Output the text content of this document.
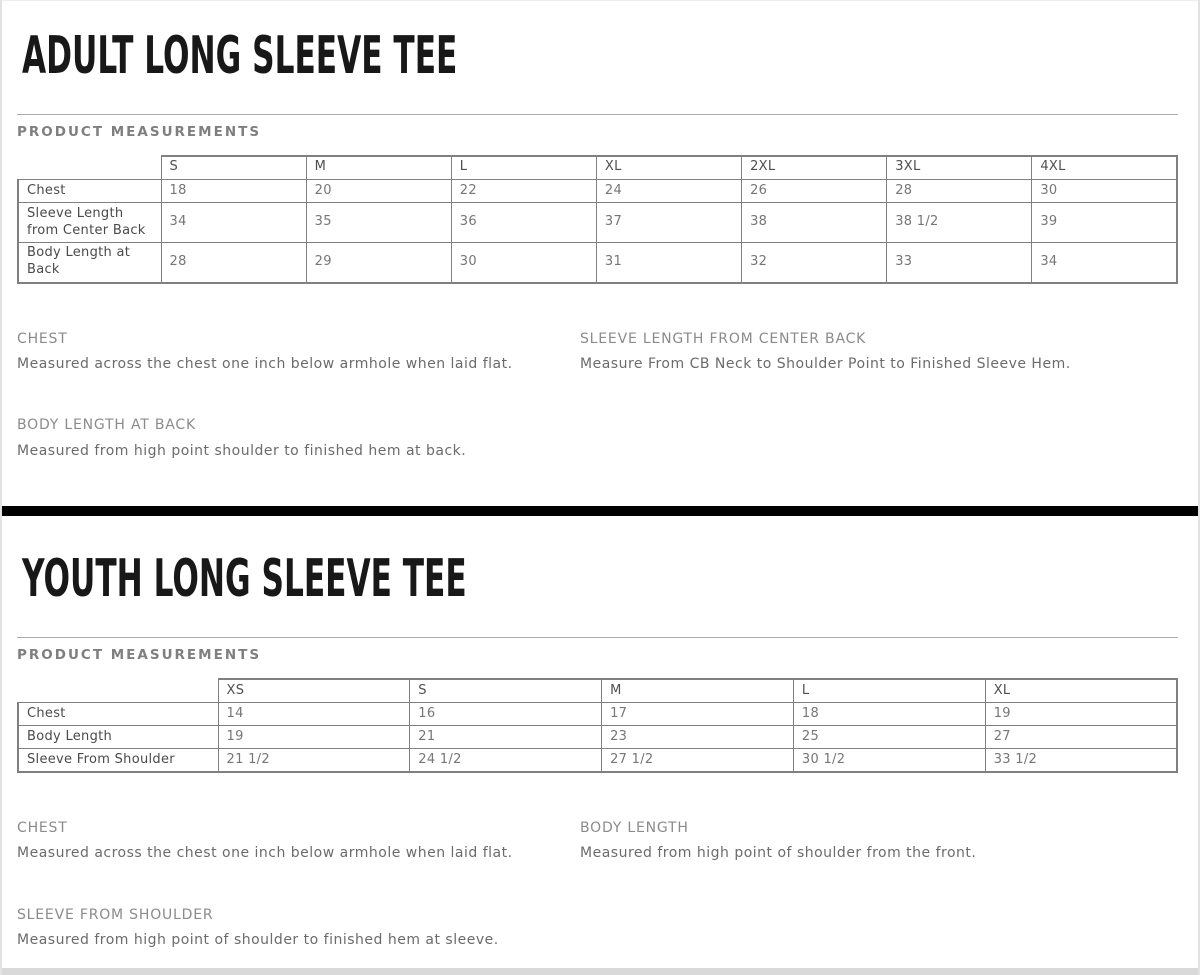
ADULT LONG SLEEVE TEE
PRODUCT MEASUREMENTS
	S	M	L	XL	2XL	3XL	4XL
Chest	18	20	22	24	26	28	30
Sleeve Length from Center Back	34	35	36	37	38	38 1/2	39
Body Length at Back	28	29	30	31	32	33	34
CHEST
Measured across the chest one inch below armhole when laid flat.
SLEEVE LENGTH FROM CENTER BACK
Measure From CB Neck to Shoulder Point to Finished Sleeve Hem.
BODY LENGTH AT BACK
Measured from high point shoulder to finished hem at back.
YOUTH LONG SLEEVE TEE
PRODUCT MEASUREMENTS
	XS	S	M	L	XL
Chest	14	16	17	18	19
Body Length	19	21	23	25	27
Sleeve From Shoulder	21 1/2	24 1/2	27 1/2	30 1/2	33 1/2
CHEST
Measured across the chest one inch below armhole when laid flat.
BODY LENGTH
Measured from high point of shoulder from the front.
SLEEVE FROM SHOULDER
Measured from high point of shoulder to finished hem at sleeve.
